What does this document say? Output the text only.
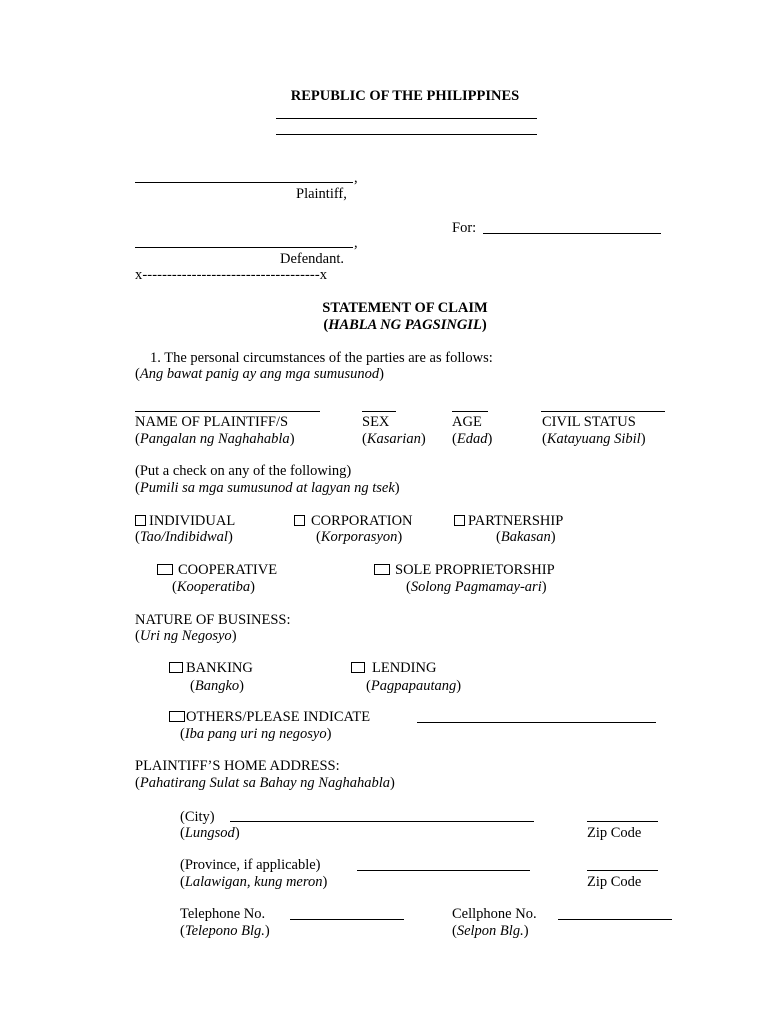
REPUBLIC OF THE PHILIPPINES
,
Plaintiff,
For:
,
Defendant.
x------------------------------------x
STATEMENT OF CLAIM
(HABLA NG PAGSINGIL)
1. The personal circumstances of the parties are as follows:
(Ang bawat panig ay ang mga sumusunod)
NAME OF PLAINTIFF/S	SEX	AGE	CIVIL STATUS
(Pangalan ng Naghahabla)	(Kasarian) (Edad)	(Katayuang Sibil)
(Put a check on any of the following)
(Pumili sa mga sumusunod at lagyan ng tsek)
INDIVIDUAL	CORPORATION	PARTNERSHIP
(Tao/Indibidwal)	(Korporasyon)	(Bakasan)
COOPERATIVE	SOLE PROPRIETORSHIP
(Kooperatiba)	(Solong Pagmamay-ari)
NATURE OF BUSINESS:
(Uri ng Negosyo)
BANKING	LENDING
(Bangko)	(Pagpapautang)
OTHERS/PLEASE INDICATE
(Iba pang uri ng negosyo)
PLAINTIFF’S HOME ADDRESS:
(Pahatirang Sulat sa Bahay ng Naghahabla)
(City)
(Lungsod)	Zip Code
(Province, if applicable)
(Lalawigan, kung meron)	Zip Code
Telephone No.	Cellphone No.
(Telepono Blg.)	(Selpon Blg.)
